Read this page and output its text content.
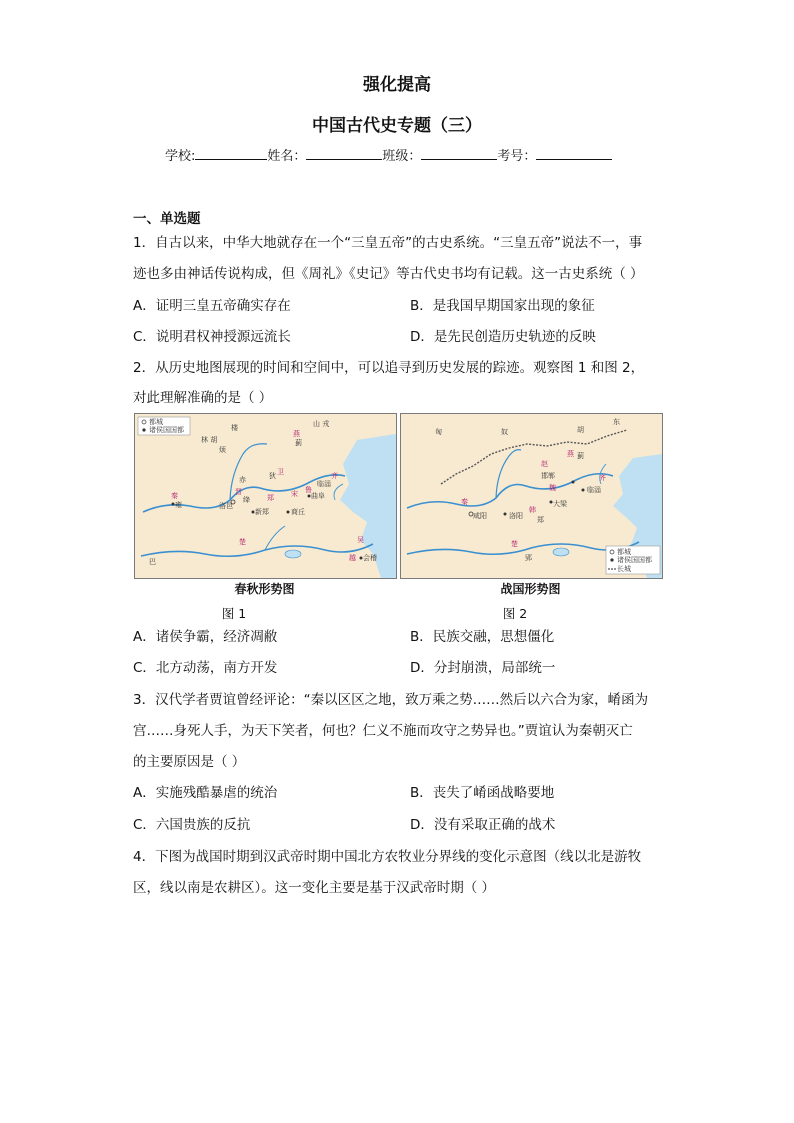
强化提高
中国古代史专题（三）
学校:	姓名：	班级：	考号：
一、单选题
1．自古以来，中华大地就存在一个“三皇五帝”的古史系统。“三皇五帝”说法不一，事
迹也多由神话传说构成，但《周礼》《史记》等古代史书均有记载。这一古史系统（ ）
A．证明三皇五帝确实存在	B．是我国早期国家出现的象征
C．说明君权神授源远流长	D．是先民创造历史轨迹的反映
2．从历史地图展现的时间和空间中，可以追寻到历史发展的踪迹。观察图 1 和图 2，
对此理解准确的是（ ）
都城
诸侯国国都
山 戎
楼
林 胡
燕
蓟
烦
赤	狄
临淄
齐
曲阜
秦
雍
晋
洛邑
郑
新郑
宋
商丘
楚
巴
吴
越 会稽
鲁
卫
绛
春秋形势图
图 1
都城
诸侯国国都
长城
东
匈	奴	胡
燕 蓟
赵
邯郸	齐
临淄
秦
咸阳
魏
大梁
洛阳
韩
郑
楚
郢
战国形势图
图 2
A．诸侯争霸，经济凋敝	B．民族交融，思想僵化
C．北方动荡，南方开发	D．分封崩溃，局部统一
3．汉代学者贾谊曾经评论：“秦以区区之地，致万乘之势……然后以六合为家，崤函为
宫……身死人手，为天下笑者，何也？仁义不施而攻守之势异也。”贾谊认为秦朝灭亡
的主要原因是（ ）
A．实施残酷暴虐的统治	B．丧失了崤函战略要地
C．六国贵族的反抗	D．没有采取正确的战术
4．下图为战国时期到汉武帝时期中国北方农牧业分界线的变化示意图（线以北是游牧
区，线以南是农耕区）。这一变化主要是基于汉武帝时期（ ）
